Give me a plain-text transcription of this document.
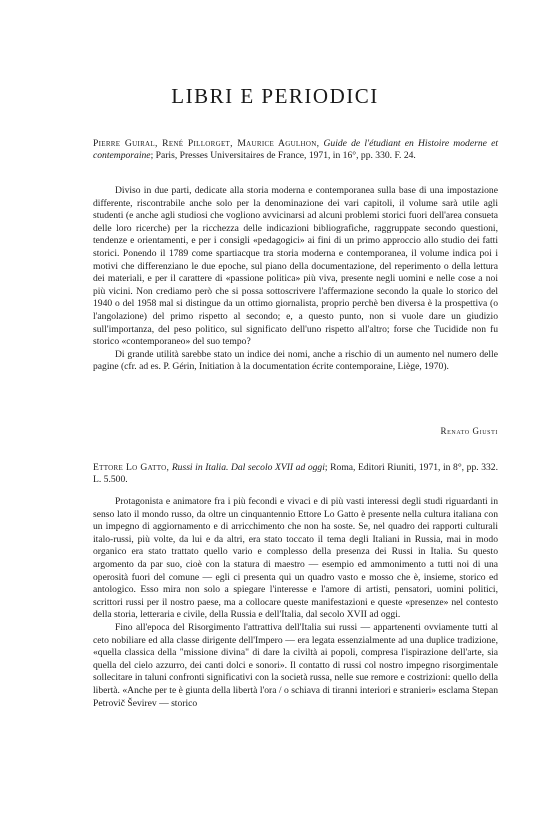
LIBRI E PERIODICI
Pierre Guiral, René Pillorget, Maurice Agulhon, Guide de l'étudiant en Histoire moderne et contemporaine; Paris, Presses Universitaires de France, 1971, in 16°, pp. 330. F. 24.

Diviso in due parti, dedicate alla storia moderna e contemporanea sulla base di una impostazione differente, riscontrabile anche solo per la denominazione dei vari capitoli, il volume sarà utile agli studenti (e anche agli studiosi che vogliono avvicinarsi ad alcuni problemi storici fuori dell'area consueta delle loro ricerche) per la ricchezza delle indicazioni bibliografiche, raggruppate secondo questioni, tendenze e orientamenti, e per i consigli «pedagogici» ai fini di un primo approccio allo studio dei fatti storici. Ponendo il 1789 come spartiacque tra storia moderna e contemporanea, il volume indica poi i motivi che differenziano le due epoche, sul piano della documentazione, del reperimento o della lettura dei materiali, e per il carattere di «passione politica» più viva, presente negli uomini e nelle cose a noi più vicini. Non crediamo però che si possa sottoscrivere l'affermazione secondo la quale lo storico del 1940 o del 1958 mal si distingue da un ottimo giornalista, proprio perchè ben diversa è la prospettiva (o l'angolazione) del primo rispetto al secondo; e, a questo punto, non si vuole dare un giudizio sull'importanza, del peso politico, sul significato dell'uno rispetto all'altro; forse che Tucidide non fu storico «contemporaneo» del suo tempo?

Di grande utilità sarebbe stato un indice dei nomi, anche a rischio di un aumento nel numero delle pagine (cfr. ad es. P. Gérin, Initiation à la documentation écrite contemporaine, Liège, 1970).

Renato Giusti
Ettore Lo Gatto, Russi in Italia. Dal secolo XVII ad oggi; Roma, Editori Riuniti, 1971, in 8°, pp. 332. L. 5.500.

Protagonista e animatore fra i più fecondi e vivaci e di più vasti interessi degli studi riguardanti in senso lato il mondo russo, da oltre un cinquantennio Ettore Lo Gatto è presente nella cultura italiana con un impegno di aggiornamento e di arricchimento che non ha soste. Se, nel quadro dei rapporti culturali italo-russi, più volte, da lui e da altri, era stato toccato il tema degli Italiani in Russia, mai in modo organico era stato trattato quello vario e complesso della presenza dei Russi in Italia. Su questo argomento da par suo, cioè con la statura di maestro — esempio ed ammonimento a tutti noi di una operosità fuori del comune — egli ci presenta qui un quadro vasto e mosso che è, insieme, storico ed antologico. Esso mira non solo a spiegare l'interesse e l'amore di artisti, pensatori, uomini politici, scrittori russi per il nostro paese, ma a collocare queste manifestazioni e queste «presenze» nel contesto della storia, letteraria e civile, della Russia e dell'Italia, dal secolo XVII ad oggi.

Fino all'epoca del Risorgimento l'attrattiva dell'Italia sui russi — appartenenti ovviamente tutti al ceto nobiliare ed alla classe dirigente dell'Impero — era legata essenzialmente ad una duplice tradizione, «quella classica della "missione divina" di dare la civiltà ai popoli, compresa l'ispirazione dell'arte, sia quella del cielo azzurro, dei canti dolci e sonori». Il contatto di russi col nostro impegno risorgimentale sollecitare in taluni confronti significativi con la società russa, nelle sue remore e costrizioni: quello della libertà. «Anche per te è giunta della libertà l'ora / o schiava di tiranni interiori e stranieri» esclama Stepan Petrovič Ševirev — storico
